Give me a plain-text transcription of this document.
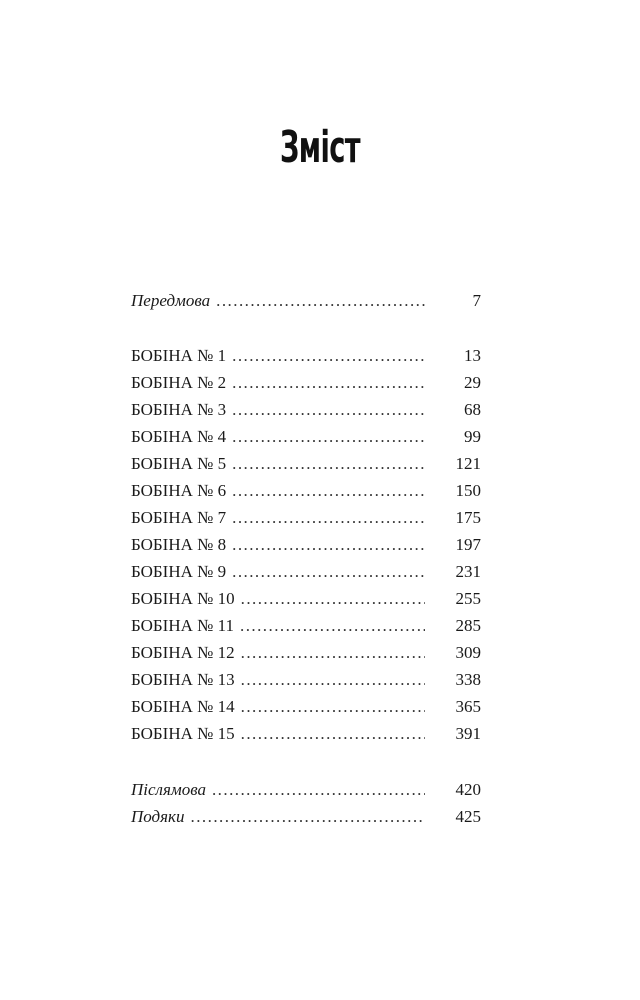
Зміст
Передмова . . .	7
БОБІНА № 1 . . .	13
БОБІНА № 2 . . .	29
БОБІНА № 3 . . .	68
БОБІНА № 4 . . .	99
БОБІНА № 5 . . .	121
БОБІНА № 6 . . .	150
БОБІНА № 7 . . .	175
БОБІНА № 8 . . .	197
БОБІНА № 9 . . .	231
БОБІНА № 10 . . .	255
БОБІНА № 11 . . .	285
БОБІНА № 12 . . .	309
БОБІНА № 13 . . .	338
БОБІНА № 14 . . .	365
БОБІНА № 15 . . .	391
Післямова . . .	420
Подяки . . .	425
